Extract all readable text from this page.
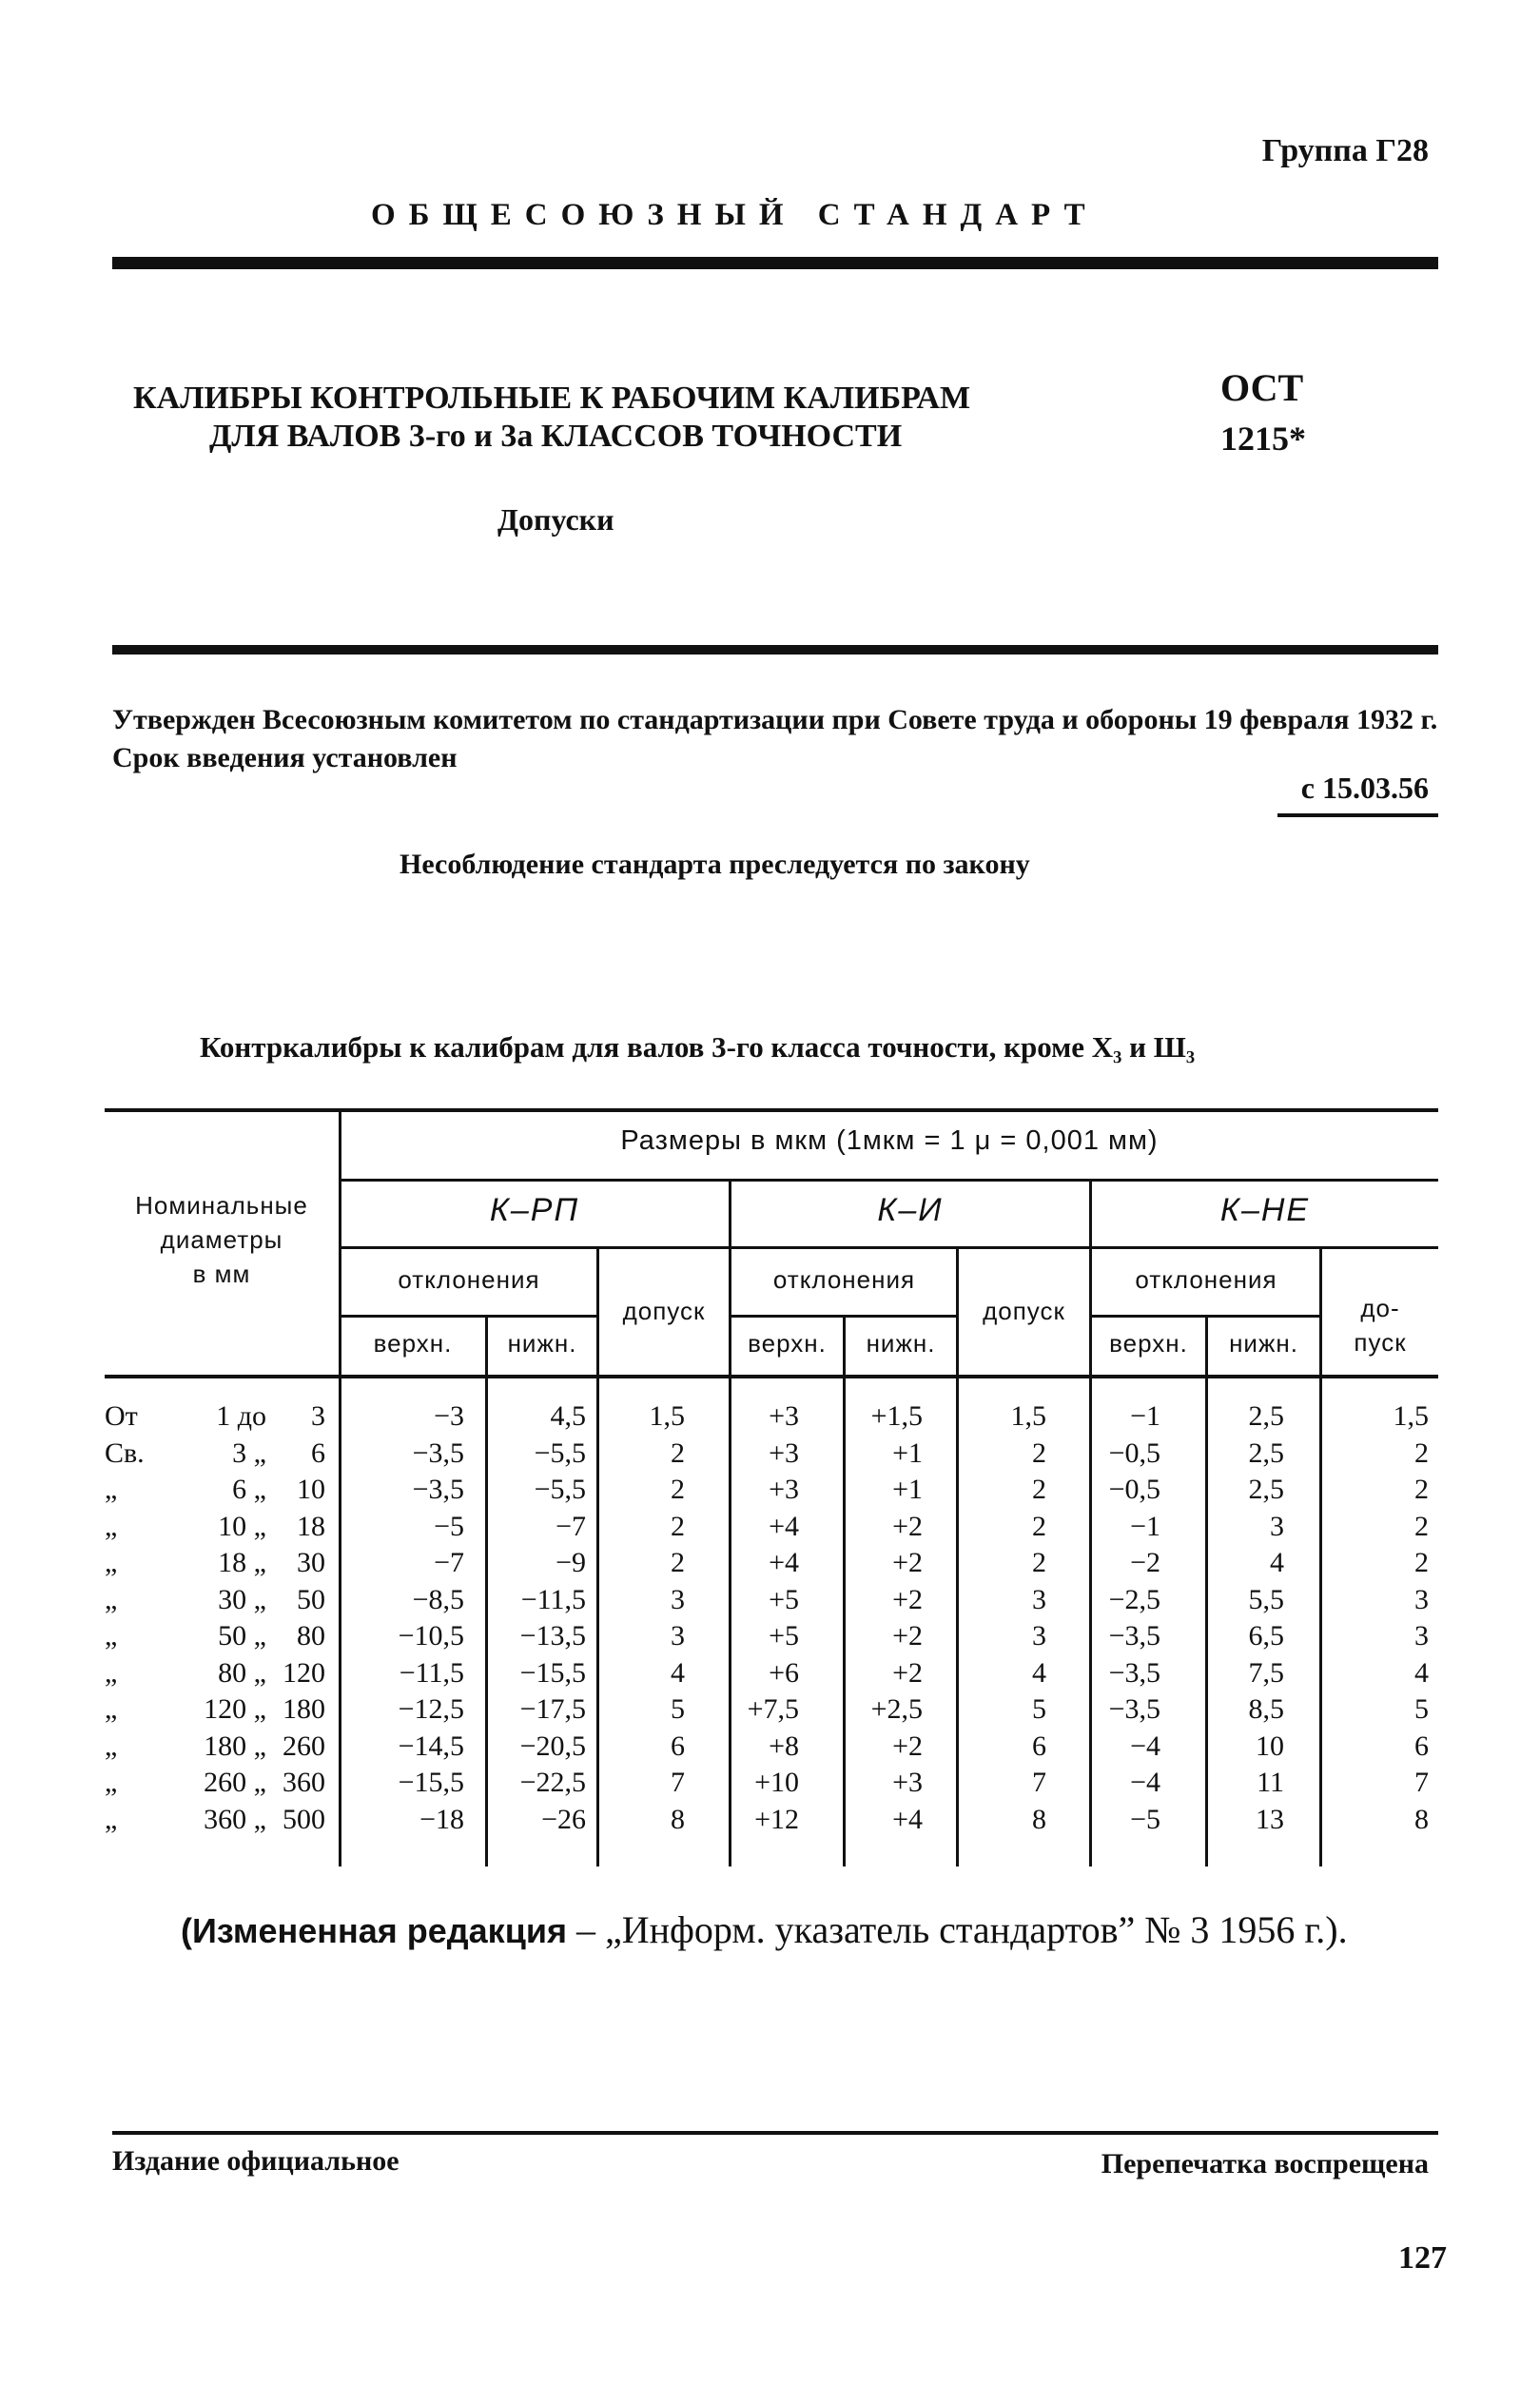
Группа Г28
ОБЩЕСОЮЗНЫЙ СТАНДАРТ
КАЛИБРЫ КОНТРОЛЬНЫЕ К РАБОЧИМ КАЛИБРАМ
ДЛЯ ВАЛОВ 3-го и 3а КЛАССОВ ТОЧНОСТИ
ОСТ
1215*
Допуски
Утвержден Всесоюзным комитетом по стандартизации при Совете труда и обороны 19 февраля 1932 г. Срок введения установлен
с 15.03.56
Несоблюдение стандарта преследуется по закону
Контркалибры к калибрам для валов 3-го класса точности, кроме Х₃ и Ш₃
Размеры в мкм (1мкм = 1 μ = 0,001 мм)
Номинальные
диаметры
в мм
К–РП	К–И	К–НЕ
отклонения
допуск
отклонения
допуск
отклонения
до-
пуск
верхн.	нижн.	верхн.	нижн.	верхн.	нижн.
От	1 до	3	−3	4,5	1,5	+3	+1,5	1,5	−1	2,5	1,5
Св.	3 „	6	−3,5	−5,5	2	+3	+1	2	−0,5	2,5	2
„	6 „	10	−3,5	−5,5	2	+3	+1	2	−0,5	2,5	2
„	10 „	18	−5	−7	2	+4	+2	2	−1	3	2
„	18 „	30	−7	−9	2	+4	+2	2	−2	4	2
„	30 „	50	−8,5	−11,5	3	+5	+2	3	−2,5	5,5	3
„	50 „	80	−10,5	−13,5	3	+5	+2	3	−3,5	6,5	3
„	80 „ 120	−11,5	−15,5	4	+6	+2	4	−3,5	7,5	4
„	120 „ 180	−12,5	−17,5	5	+7,5	+2,5	5	−3,5	8,5	5
„	180 „ 260	−14,5	−20,5	6	+8	+2	6	−4	10	6
„	260 „ 360	−15,5	−22,5	7	+10	+3	7	−4	11	7
„	360 „ 500	−18	−26	8	+12	+4	8	−5	13	8
(Измененная редакция – „Информ. указатель стандартов” № 3 1956 г.).
Издание официальное	Перепечатка воспрещена
127
